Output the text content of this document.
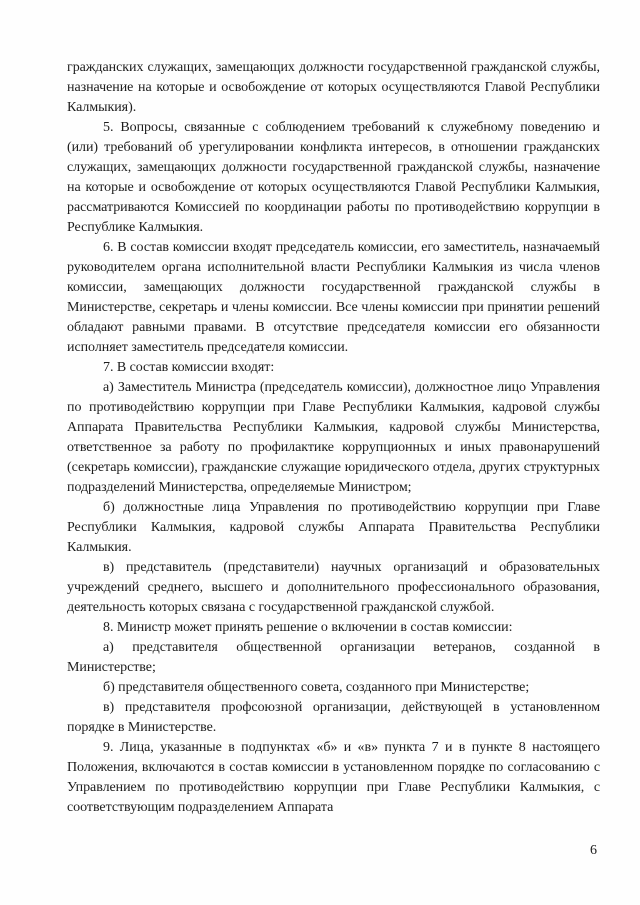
гражданских служащих, замещающих должности государственной гражданской службы, назначение на которые и освобождение от которых осуществляются Главой Республики Калмыкия).

5. Вопросы, связанные с соблюдением требований к служебному поведению и (или) требований об урегулировании конфликта интересов, в отношении гражданских служащих, замещающих должности государственной гражданской службы, назначение на которые и освобождение от которых осуществляются Главой Республики Калмыкия, рассматриваются Комиссией по координации работы по противодействию коррупции в Республике Калмыкия.

6. В состав комиссии входят председатель комиссии, его заместитель, назначаемый руководителем органа исполнительной власти Республики Калмыкия из числа членов комиссии, замещающих должности государственной гражданской службы в Министерстве, секретарь и члены комиссии. Все члены комиссии при принятии решений обладают равными правами. В отсутствие председателя комиссии его обязанности исполняет заместитель председателя комиссии.

7. В состав комиссии входят:

а) Заместитель Министра (председатель комиссии), должностное лицо Управления по противодействию коррупции при Главе Республики Калмыкия, кадровой службы Аппарата Правительства Республики Калмыкия, кадровой службы Министерства, ответственное за работу по профилактике коррупционных и иных правонарушений (секретарь комиссии), гражданские служащие юридического отдела, других структурных подразделений Министерства, определяемые Министром;

б) должностные лица Управления по противодействию коррупции при Главе Республики Калмыкия, кадровой службы Аппарата Правительства Республики Калмыкия.

в) представитель (представители) научных организаций и образовательных учреждений среднего, высшего и дополнительного профессионального образования, деятельность которых связана с государственной гражданской службой.

8. Министр может принять решение о включении в состав комиссии:

а) представителя общественной организации ветеранов, созданной в Министерстве;

б) представителя общественного совета, созданного при Министерстве;

в) представителя профсоюзной организации, действующей в установленном порядке в Министерстве.

9. Лица, указанные в подпунктах «б» и «в» пункта 7 и в пункте 8 настоящего Положения, включаются в состав комиссии в установленном порядке по согласованию с Управлением по противодействию коррупции при Главе Республики Калмыкия, с соответствующим подразделением Аппарата

6
